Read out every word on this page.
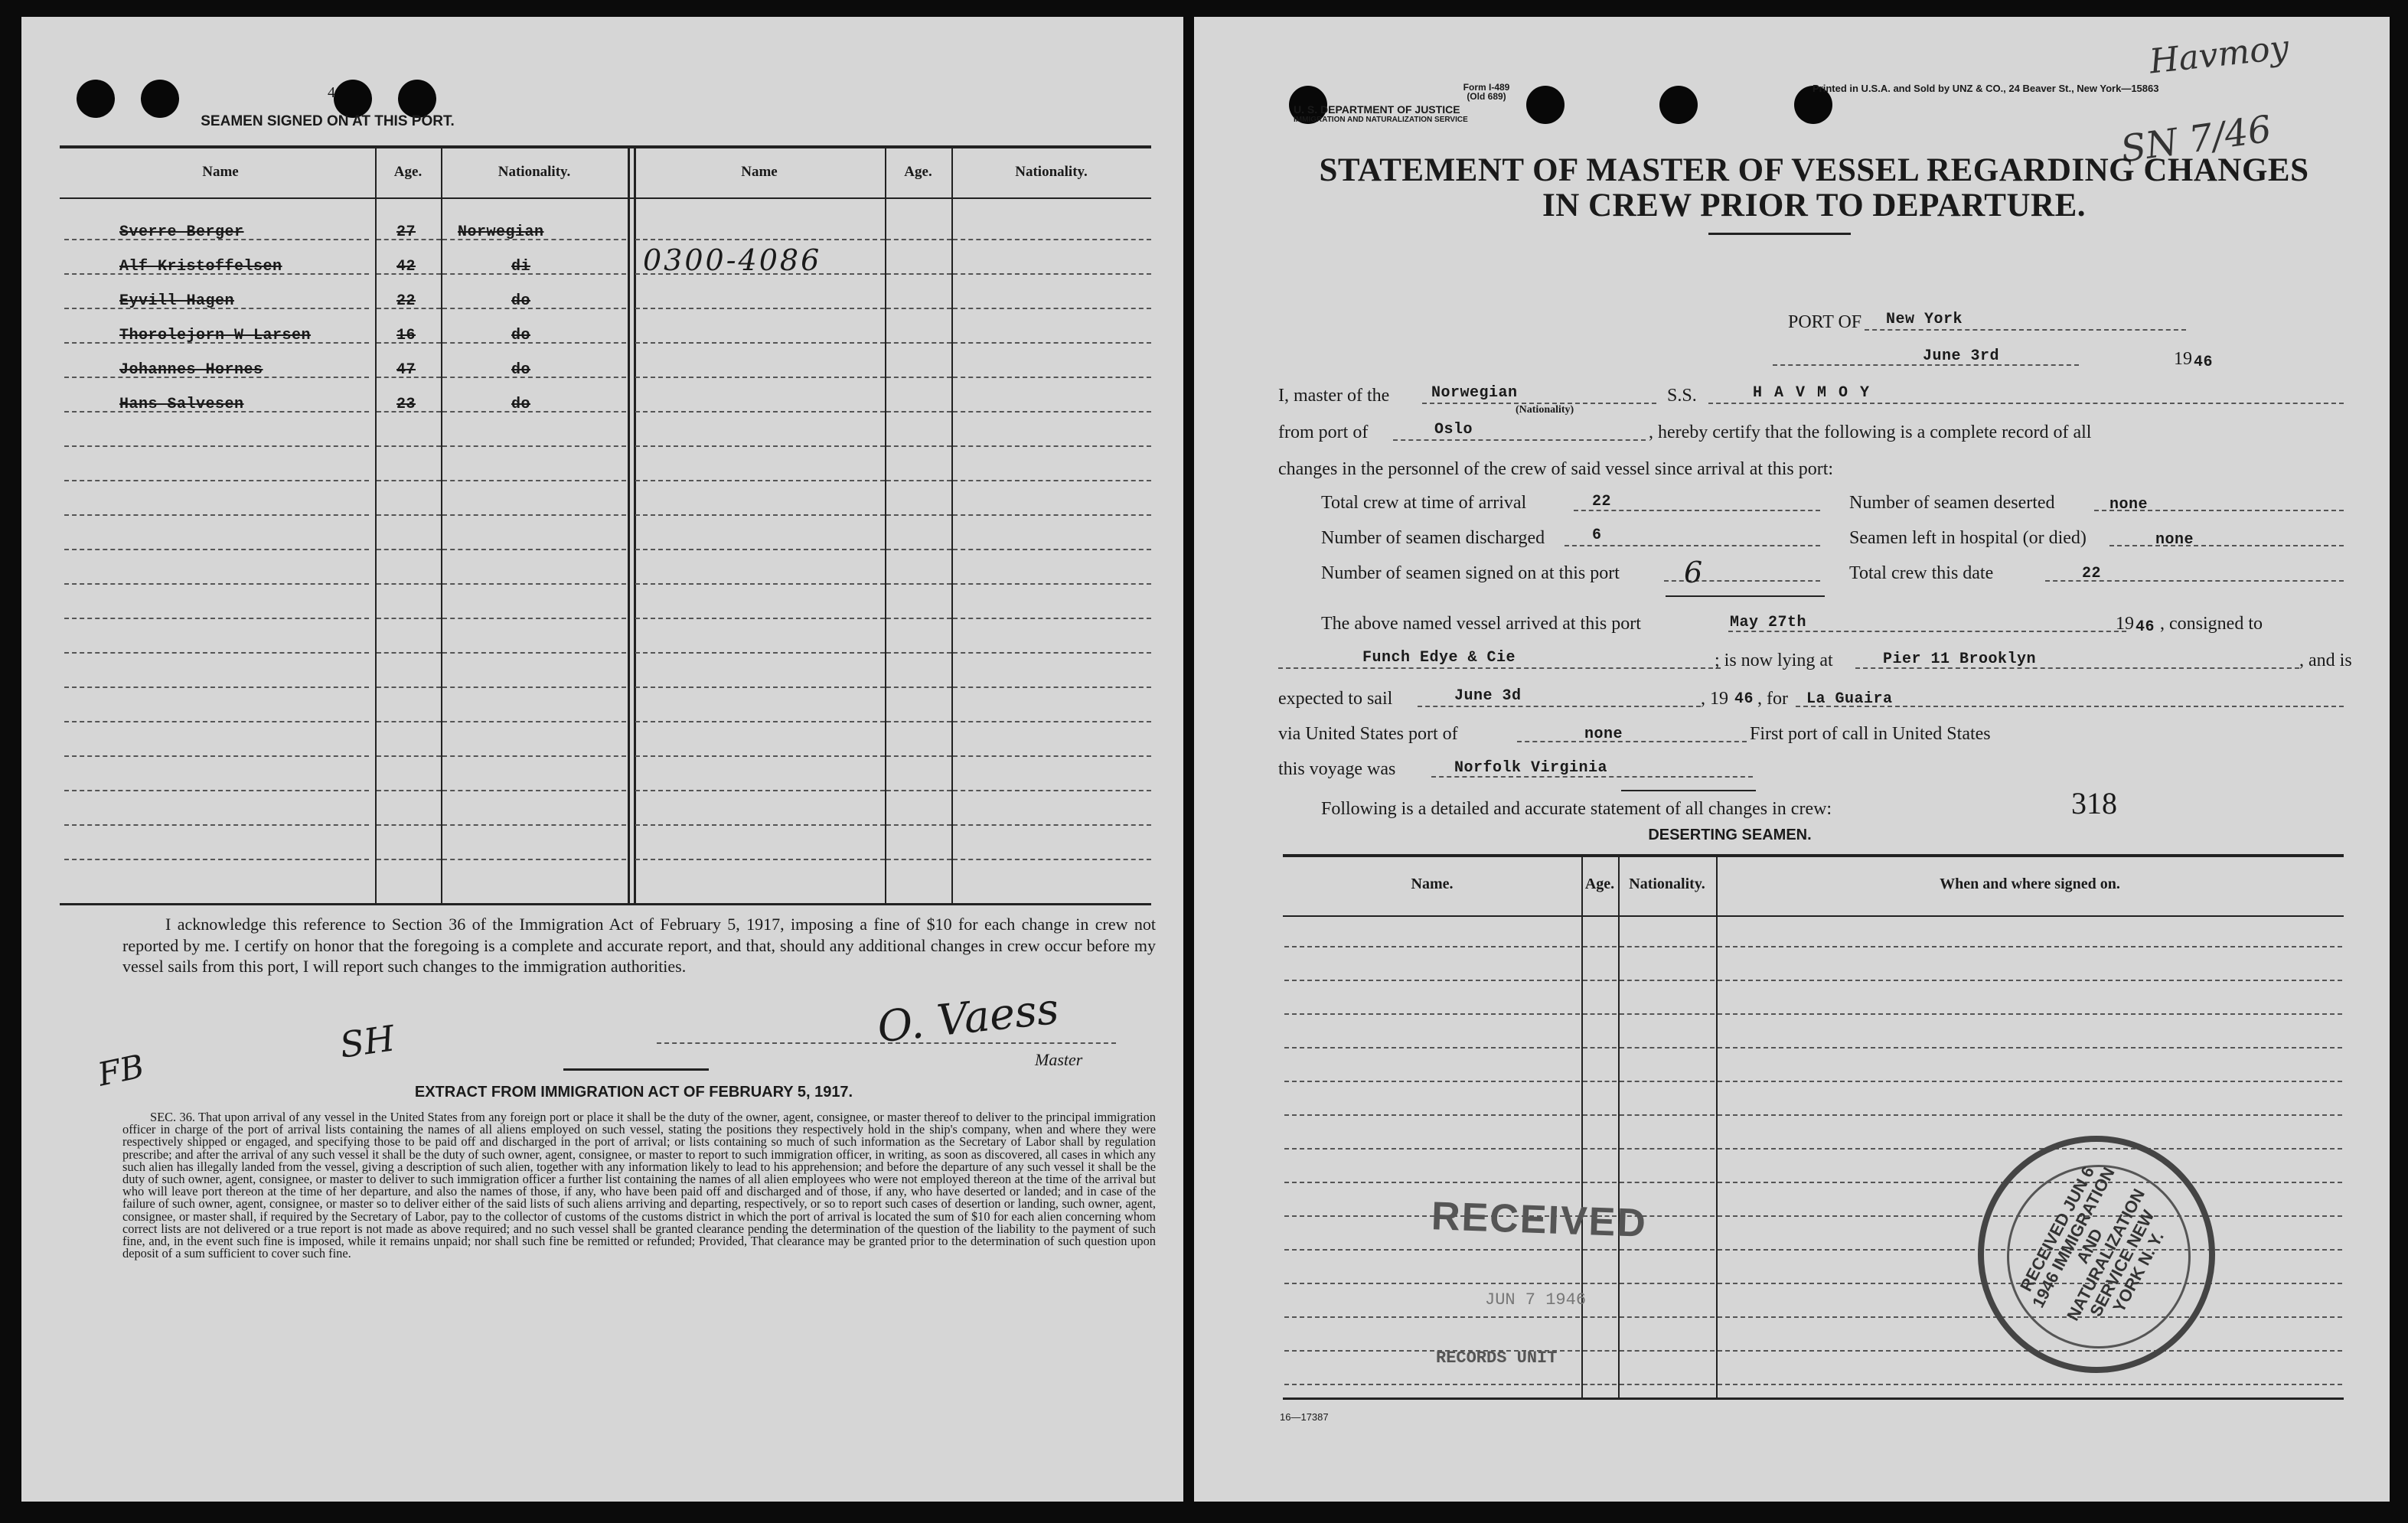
4
SEAMEN SIGNED ON AT THIS PORT.
Name	Age.	Nationality.	Name	Age.	Nationality.
Sverre Berger	27	Norwegian
Alf Kristoffelsen	42	di
Eyvill Hagen	22	do
Thorolejorn W Larsen	16	do
Johannes Hornes	47	do
Hans Salvesen	23	do
0300-4086
I acknowledge this reference to Section 36 of the Immigration Act of February 5, 1917, imposing a fine of $10 for each change in crew not reported by me. I certify on honor that the foregoing is a complete and accurate report, and that, should any additional changes in crew occur before my vessel sails from this port, I will report such changes to the immigration authorities.
FB
SH	O. Vaess
Master
EXTRACT FROM IMMIGRATION ACT OF FEBRUARY 5, 1917.
SEC. 36. That upon arrival of any vessel in the United States from any foreign port or place it shall be the duty of the owner, agent, consignee, or master thereof to deliver to the principal immigration officer in charge of the port of arrival lists containing the names of all aliens employed on such vessel, stating the positions they respectively hold in the ship's company, when and where they were respectively shipped or engaged, and specifying those to be paid off and discharged in the port of arrival; or lists containing so much of such information as the Secretary of Labor shall by regulation prescribe; and after the arrival of any such vessel it shall be the duty of such owner, agent, consignee, or master to report to such immigration officer, in writing, as soon as discovered, all cases in which any such alien has illegally landed from the vessel, giving a description of such alien, together with any information likely to lead to his apprehension; and before the departure of any such vessel it shall be the duty of such owner, agent, consignee, or master to deliver to such immigration officer a further list containing the names of all alien employees who were not employed thereon at the time of the arrival but who will leave port thereon at the time of her departure, and also the names of those, if any, who have been paid off and discharged and of those, if any, who have deserted or landed; and in case of the failure of such owner, agent, consignee, or master so to deliver either of the said lists of such aliens arriving and departing, respectively, or so to report such cases of desertion or landing, such owner, agent, consignee, or master shall, if required by the Secretary of Labor, pay to the collector of customs of the customs district in which the port of arrival is located the sum of $10 for each alien concerning whom correct lists are not delivered or a true report is not made as above required; and no such vessel shall be granted clearance pending the determination of the question of the liability to the payment of such fine, and, in the event such fine is imposed, while it remains unpaid; nor shall such fine be remitted or refunded; Provided, That clearance may be granted prior to the determination of such question upon deposit of a sum sufficient to cover such fine.
Form I-489
(Old 689)
U. S. DEPARTMENT OF JUSTICE
IMMIGRATION AND NATURALIZATION SERVICE
Printed in U.S.A. and Sold by UNZ & CO., 24 Beaver St., New York—15863
Havmoy
SN 7/46
STATEMENT OF MASTER OF VESSEL REGARDING CHANGES
IN CREW PRIOR TO DEPARTURE.
PORT OF New York
June 3rd	19 46
I, master of the	Norwegian
(Nationality)
S.S.	H A V M O Y
from port of	Oslo	, hereby certify that the following is a complete record of all
changes in the personnel of the crew of said vessel since arrival at this port:
Total crew at time of arrival	22	Number of seamen deserted	none
Number of seamen discharged	6	Seamen left in hospital (or died)	none
Number of seamen signed on at this port 6	Total crew this date	22
The above named vessel arrived at this port	May 27th	19 46 , consigned to
Funch Edye & Cie	; is now lying at	Pier 11 Brooklyn	, and is
expected to sail	June 3d	, 19 46 , for La Guaira
via United States port of	none	First port of call in United States
this voyage was	Norfolk Virginia
Following is a detailed and accurate statement of all changes in crew:	318
DESERTING SEAMEN.
Name.	Age. Nationality.	When and where signed on.
RECEIVED
JUN 7 1946
RECORDS UNIT
RECEIVED JUN 6 1946 IMMIGRATION AND NATURALIZATION SERVICE NEW YORK N. Y.
16—17387
